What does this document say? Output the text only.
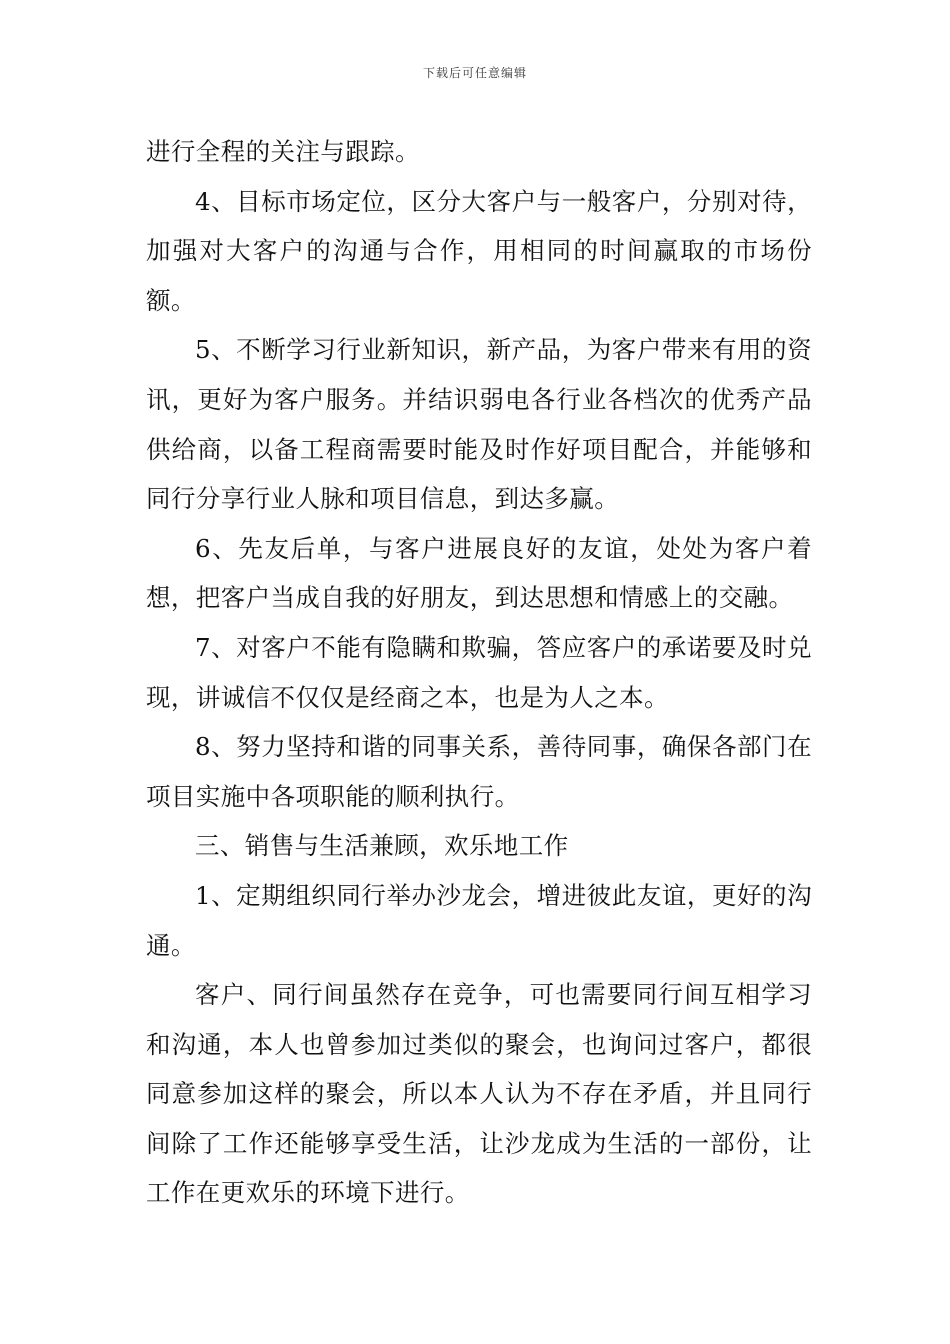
下载后可任意编辑

进行全程的关注与跟踪。

4、目标市场定位，区分大客户与一般客户，分别对待，加强对大客户的沟通与合作，用相同的时间赢取的市场份额。

5、不断学习行业新知识，新产品，为客户带来有用的资讯，更好为客户服务。并结识弱电各行业各档次的优秀产品供给商，以备工程商需要时能及时作好项目配合，并能够和同行分享行业人脉和项目信息，到达多赢。

6、先友后单，与客户进展良好的友谊，处处为客户着想，把客户当成自我的好朋友，到达思想和情感上的交融。

7、对客户不能有隐瞒和欺骗，答应客户的承诺要及时兑现，讲诚信不仅仅是经商之本，也是为人之本。

8、努力坚持和谐的同事关系，善待同事，确保各部门在项目实施中各项职能的顺利执行。

三、销售与生活兼顾，欢乐地工作

1、定期组织同行举办沙龙会，增进彼此友谊，更好的沟通。

客户、同行间虽然存在竞争，可也需要同行间互相学习和沟通，本人也曾参加过类似的聚会，也询问过客户，都很同意参加这样的聚会，所以本人认为不存在矛盾，并且同行间除了工作还能够享受生活，让沙龙成为生活的一部份，让工作在更欢乐的环境下进行。
